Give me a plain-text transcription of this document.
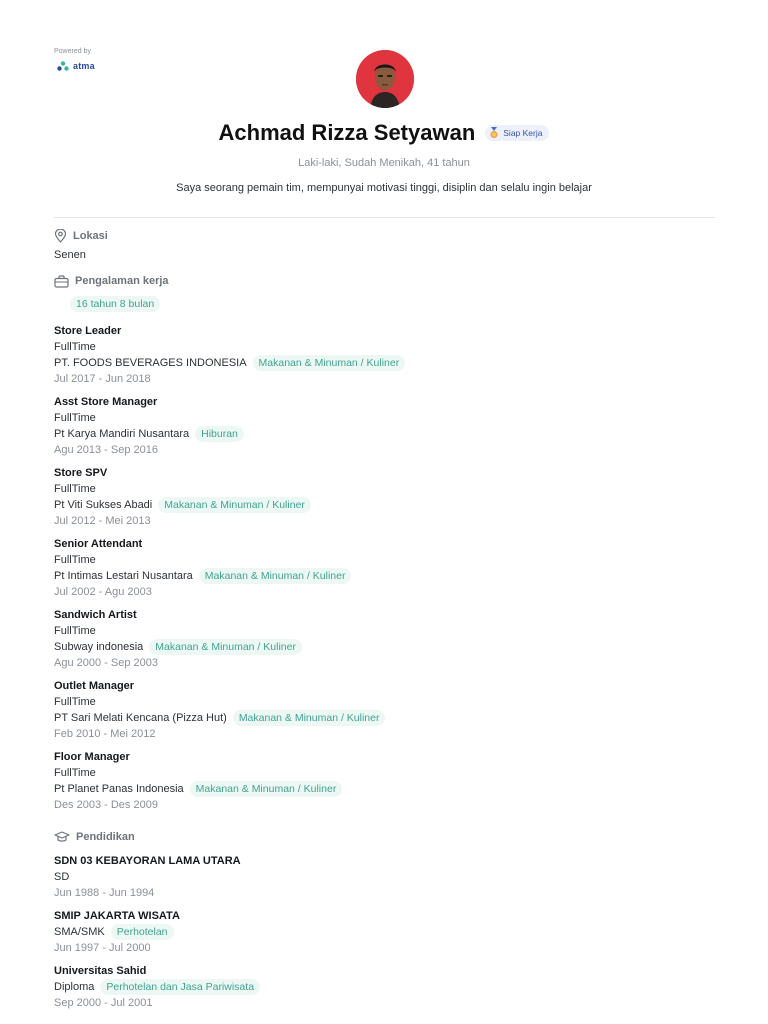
Powered by
atma
Achmad Rizza Setyawan	Siap Kerja
Laki-laki, Sudah Menikah, 41 tahun
Saya seorang pemain tim, mempunyai motivasi tinggi, disiplin dan selalu ingin belajar
Lokasi
Senen
Pengalaman kerja
16 tahun 8 bulan
Store Leader
FullTime
PT. FOODS BEVERAGES INDONESIA	Makanan & Minuman / Kuliner
Jul 2017 - Jun 2018
Asst Store Manager
FullTime
Pt Karya Mandiri Nusantara	Hiburan
Agu 2013 - Sep 2016
Store SPV
FullTime
Pt Viti Sukses Abadi	Makanan & Minuman / Kuliner
Jul 2012 - Mei 2013
Senior Attendant
FullTime
Pt Intimas Lestari Nusantara	Makanan & Minuman / Kuliner
Jul 2002 - Agu 2003
Sandwich Artist
FullTime
Subway indonesia	Makanan & Minuman / Kuliner
Agu 2000 - Sep 2003
Outlet Manager
FullTime
PT Sari Melati Kencana (Pizza Hut)	Makanan & Minuman / Kuliner
Feb 2010 - Mei 2012
Floor Manager
FullTime
Pt Planet Panas Indonesia	Makanan & Minuman / Kuliner
Des 2003 - Des 2009
Pendidikan
SDN 03 KEBAYORAN LAMA UTARA
SD
Jun 1988 - Jun 1994
SMIP JAKARTA WISATA
SMA/SMK	Perhotelan
Jun 1997 - Jul 2000
Universitas Sahid
Diploma	Perhotelan dan Jasa Pariwisata
Sep 2000 - Jul 2001
